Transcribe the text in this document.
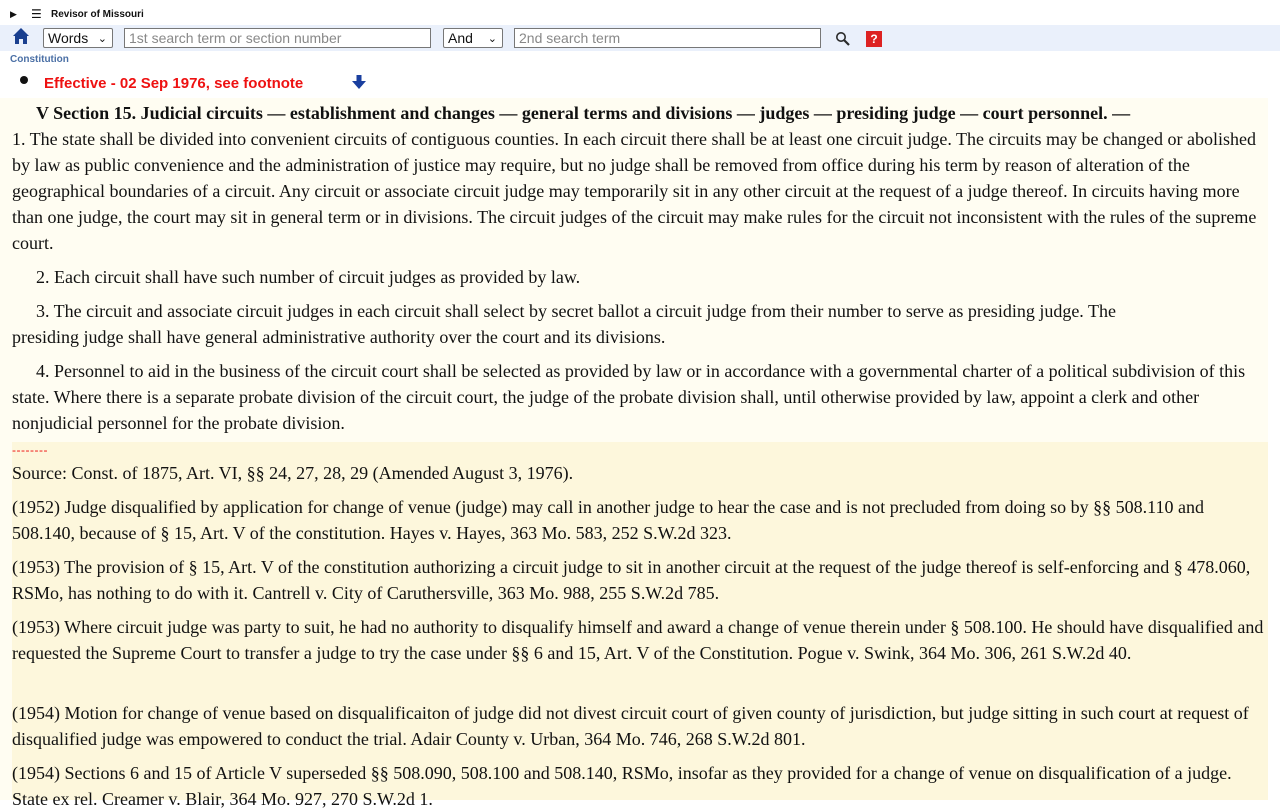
▶ ☰ Revisor of Missouri
Words ⌄	1st search term or section number	And ⌄	2nd search term	?
Constitution
Effective - 02 Sep 1976, see footnote
V Section 15. Judicial circuits — establishment and changes — general terms and divisions — judges — presiding judge — court personnel. —
1. The state shall be divided into convenient circuits of contiguous counties. In each circuit there shall be at least one circuit judge. The circuits may be changed or abolished by law as public convenience and the administration of justice may require, but no judge shall be removed from office during his term by reason of alteration of the geographical boundaries of a circuit. Any circuit or associate circuit judge may temporarily sit in any other circuit at the request of a judge thereof. In circuits having more than one judge, the court may sit in general term or in divisions. The circuit judges of the circuit may make rules for the circuit not inconsistent with the rules of the supreme court.
2. Each circuit shall have such number of circuit judges as provided by law.
3. The circuit and associate circuit judges in each circuit shall select by secret ballot a circuit judge from their number to serve as presiding judge. The presiding judge shall have general administrative authority over the court and its divisions.
4. Personnel to aid in the business of the circuit court shall be selected as provided by law or in accordance with a governmental charter of a political subdivision of this state. Where there is a separate probate division of the circuit court, the judge of the probate division shall, until otherwise provided by law, appoint a clerk and other nonjudicial personnel for the probate division.
--------
Source: Const. of 1875, Art. VI, §§ 24, 27, 28, 29 (Amended August 3, 1976).
(1952) Judge disqualified by application for change of venue (judge) may call in another judge to hear the case and is not precluded from doing so by §§ 508.110 and 508.140, because of § 15, Art. V of the constitution. Hayes v. Hayes, 363 Mo. 583, 252 S.W.2d 323.
(1953) The provision of § 15, Art. V of the constitution authorizing a circuit judge to sit in another circuit at the request of the judge thereof is self-enforcing and § 478.060, RSMo, has nothing to do with it. Cantrell v. City of Caruthersville, 363 Mo. 988, 255 S.W.2d 785.
(1953) Where circuit judge was party to suit, he had no authority to disqualify himself and award a change of venue therein under § 508.100. He should have disqualified and requested the Supreme Court to transfer a judge to try the case under §§ 6 and 15, Art. V of the Constitution. Pogue v. Swink, 364 Mo. 306, 261 S.W.2d 40.
(1954) Motion for change of venue based on disqualificaiton of judge did not divest circuit court of given county of jurisdiction, but judge sitting in such court at request of disqualified judge was empowered to conduct the trial. Adair County v. Urban, 364 Mo. 746, 268 S.W.2d 801.
(1954) Sections 6 and 15 of Article V superseded §§ 508.090, 508.100 and 508.140, RSMo, insofar as they provided for a change of venue on disqualification of a judge. State ex rel. Creamer v. Blair, 364 Mo. 927, 270 S.W.2d 1.
